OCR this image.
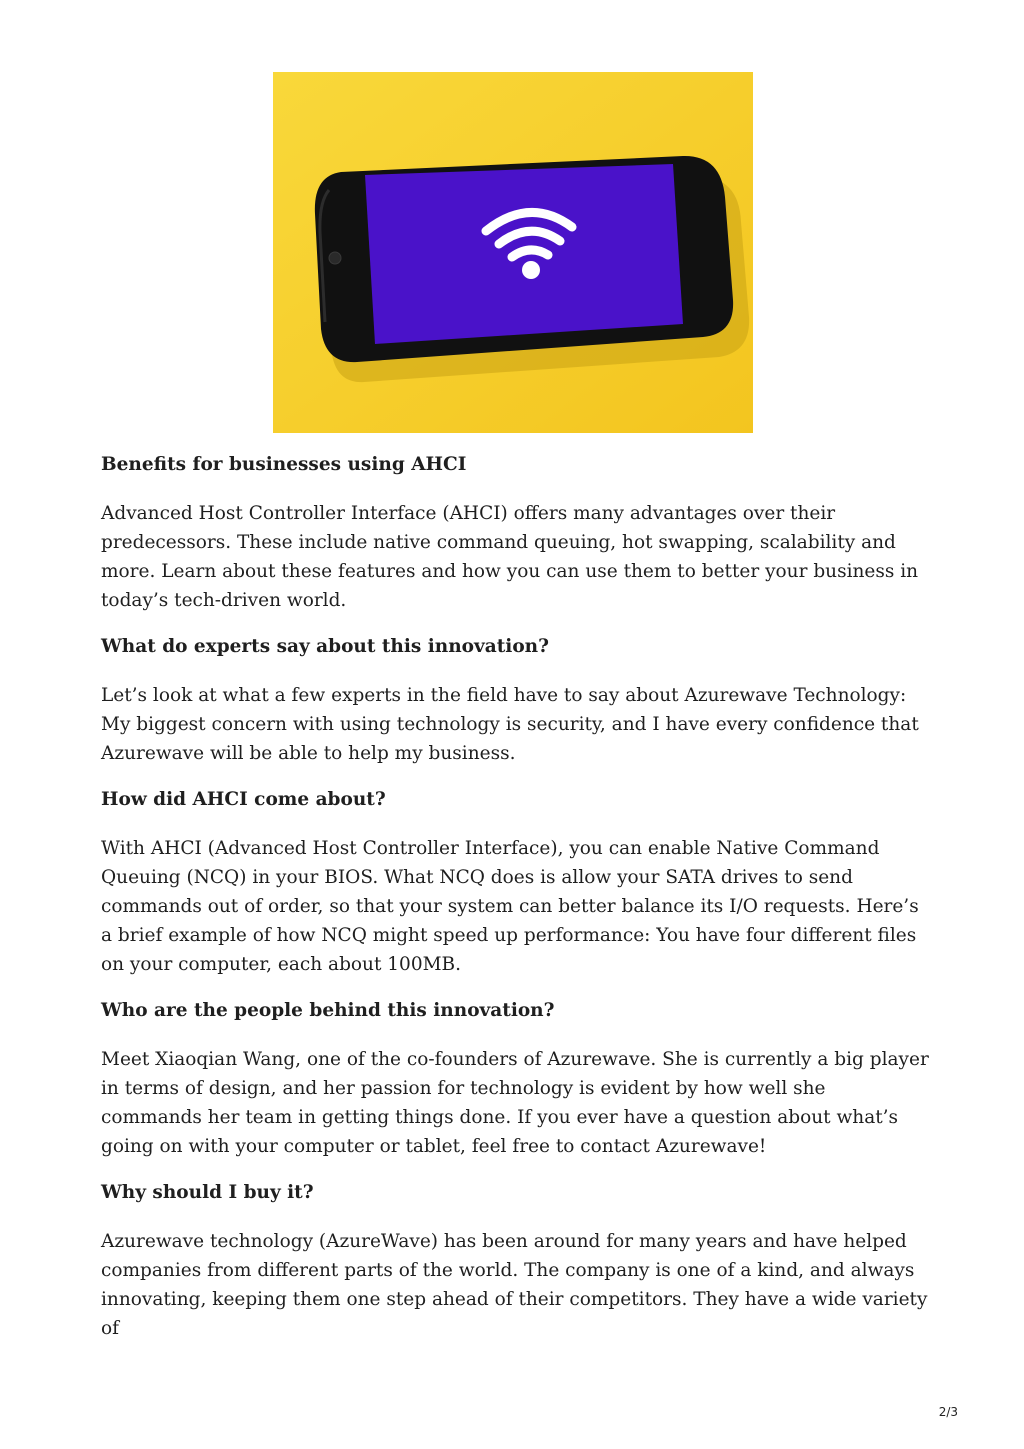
Benefits for businesses using AHCI

Advanced Host Controller Interface (AHCI) offers many advantages over their predecessors. These include native command queuing, hot swapping, scalability and more. Learn about these features and how you can use them to better your business in today’s tech-driven world.

What do experts say about this innovation?

Let’s look at what a few experts in the field have to say about Azurewave Technology: My biggest concern with using technology is security, and I have every confidence that Azurewave will be able to help my business.

How did AHCI come about?

With AHCI (Advanced Host Controller Interface), you can enable Native Command Queuing (NCQ) in your BIOS. What NCQ does is allow your SATA drives to send commands out of order, so that your system can better balance its I/O requests. Here’s a brief example of how NCQ might speed up performance: You have four different files on your computer, each about 100MB.

Who are the people behind this innovation?

Meet Xiaoqian Wang, one of the co-founders of Azurewave. She is currently a big player in terms of design, and her passion for technology is evident by how well she commands her team in getting things done. If you ever have a question about what’s going on with your computer or tablet, feel free to contact Azurewave!

Why should I buy it?

Azurewave technology (AzureWave) has been around for many years and have helped companies from different parts of the world. The company is one of a kind, and always innovating, keeping them one step ahead of their competitors. They have a wide variety of

2/3
